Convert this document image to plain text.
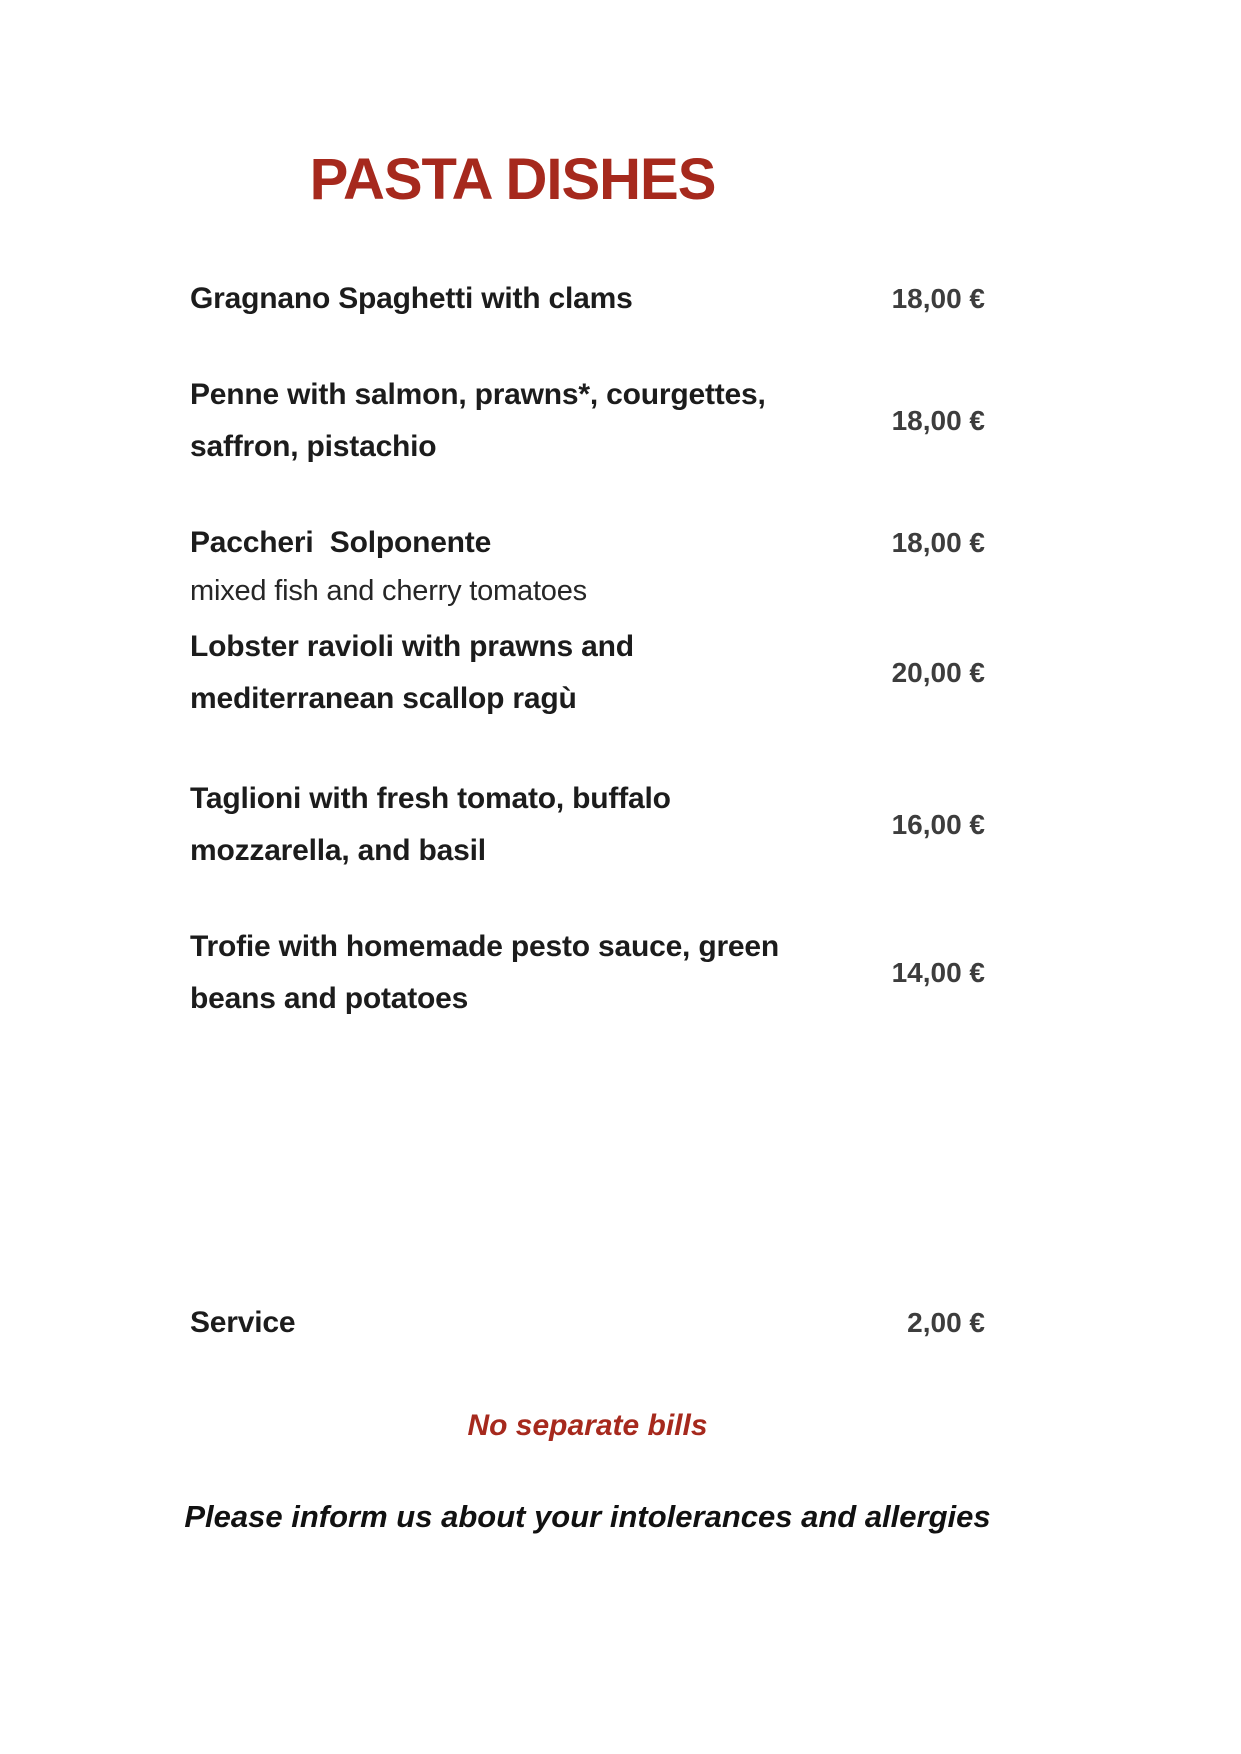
PASTA DISHES
Gragnano Spaghetti with clams	18,00 €
Penne with salmon, prawns*, courgettes, saffron, pistachio
18,00 €
Paccheri  Solponente
mixed fish and cherry tomatoes
18,00 €
Lobster ravioli with prawns and mediterranean scallop ragù
20,00 €
Taglioni with fresh tomato, buffalo mozzarella, and basil
16,00 €
Trofie with homemade pesto sauce, green beans and potatoes
14,00 €
Service	2,00 €
No separate bills
Please inform us about your intolerances and allergies
